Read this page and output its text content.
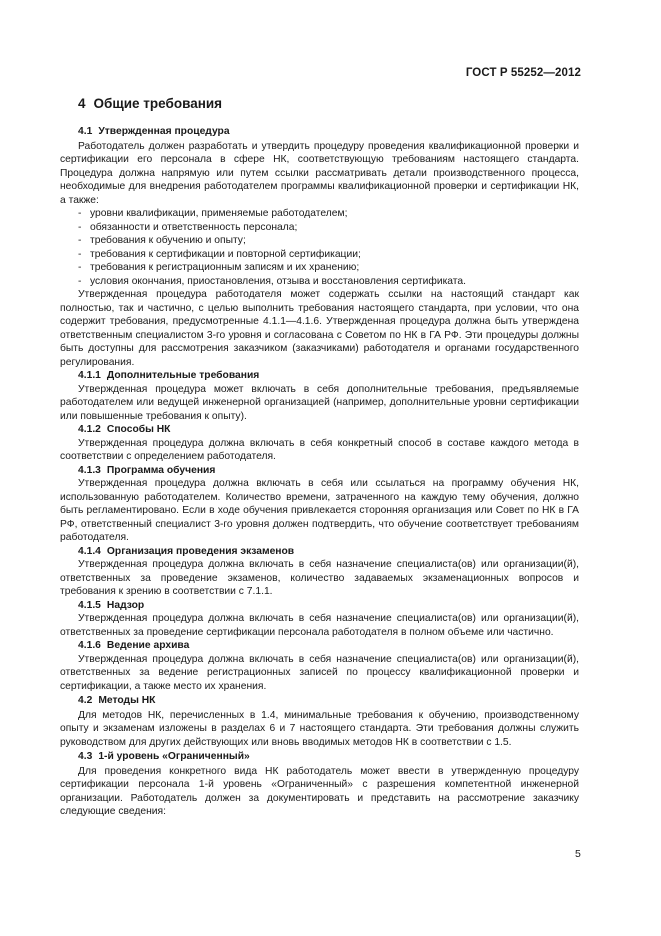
ГОСТ Р 55252—2012
4 Общие требования
4.1 Утвержденная процедура

Работодатель должен разработать и утвердить процедуру проведения квалификационной проверки и сертификации его персонала в сфере НК, соответствующую требованиям настоящего стандарта. Процедура должна напрямую или путем ссылки рассматривать детали производственного процесса, необходимые для внедрения работодателем программы квалификационной проверки и сертификации НК, а также:

- уровни квалификации, применяемые работодателем;
- обязанности и ответственность персонала;
- требования к обучению и опыту;
- требования к сертификации и повторной сертификации;
- требования к регистрационным записям и их хранению;
- условия окончания, приостановления, отзыва и восстановления сертификата.

Утвержденная процедура работодателя может содержать ссылки на настоящий стандарт как полностью, так и частично, с целью выполнить требования настоящего стандарта, при условии, что она содержит требования, предусмотренные 4.1.1—4.1.6. Утвержденная процедура должна быть утверждена ответственным специалистом 3-го уровня и согласована с Советом по НК в ГА РФ. Эти процедуры должны быть доступны для рассмотрения заказчиком (заказчиками) работодателя и органами государственного регулирования.

4.1.1 Дополнительные требования

Утвержденная процедура может включать в себя дополнительные требования, предъявляемые работодателем или ведущей инженерной организацией (например, дополнительные уровни сертификации или повышенные требования к опыту).

4.1.2 Способы НК

Утвержденная процедура должна включать в себя конкретный способ в составе каждого метода в соответствии с определением работодателя.

4.1.3 Программа обучения

Утвержденная процедура должна включать в себя или ссылаться на программу обучения НК, использованную работодателем. Количество времени, затраченного на каждую тему обучения, должно быть регламентировано. Если в ходе обучения привлекается сторонняя организация или Совет по НК в ГА РФ, ответственный специалист 3-го уровня должен подтвердить, что обучение соответствует требованиям работодателя.

4.1.4 Организация проведения экзаменов

Утвержденная процедура должна включать в себя назначение специалиста(ов) или организации(й), ответственных за проведение экзаменов, количество задаваемых экзаменационных вопросов и требования к зрению в соответствии с 7.1.1.

4.1.5 Надзор

Утвержденная процедура должна включать в себя назначение специалиста(ов) или организации(й), ответственных за проведение сертификации персонала работодателя в полном объеме или частично.

4.1.6 Ведение архива

Утвержденная процедура должна включать в себя назначение специалиста(ов) или организации(й), ответственных за ведение регистрационных записей по процессу квалификационной проверки и сертификации, а также место их хранения.

4.2 Методы НК

Для методов НК, перечисленных в 1.4, минимальные требования к обучению, производственному опыту и экзаменам изложены в разделах 6 и 7 настоящего стандарта. Эти требования должны служить руководством для других действующих или вновь вводимых методов НК в соответствии с 1.5.

4.3 1-й уровень «Ограниченный»

Для проведения конкретного вида НК работодатель может ввести в утвержденную процедуру сертификации персонала 1-й уровень «Ограниченный» с разрешения компетентной инженерной организации. Работодатель должен за документировать и представить на рассмотрение заказчику следующие сведения:

5
